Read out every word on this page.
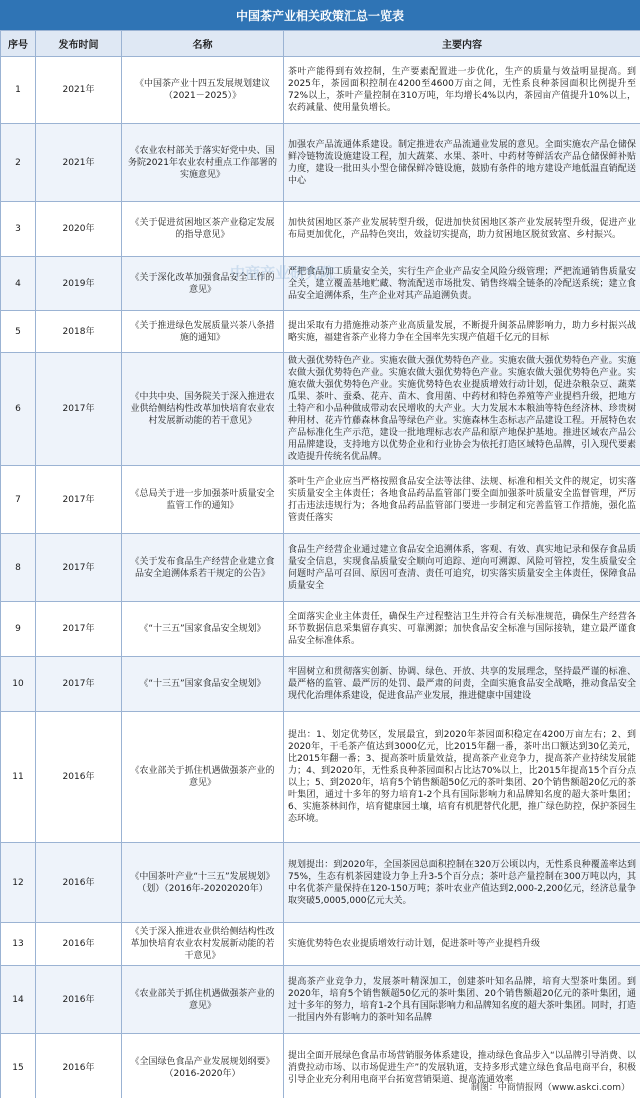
中国茶产业相关政策汇总一览表
序号	发布时间	名称	主要内容
1	2021年	《中国茶产业十四五发展规划建议（2021－2025）》	茶叶产能得到有效控制，生产要素配置进一步优化，生产的质量与效益明显提高。到2025年，茶园面积控制在4200至4600万亩之间，无性系良种茶园面积比例提升至72%以上，茶叶产量控制在310万吨，年均增长4%以内，茶园亩产值提升10%以上，农药减量、使用量负增长。
2	2021年	《农业农村部关于落实好党中央、国务院2021年农业农村重点工作部署的实施意见》	加强农产品流通体系建设。制定推进农产品流通业发展的意见。全面实施农产品仓储保鲜冷链物流设施建设工程，加大蔬菜、水果、茶叶、中药材等鲜活农产品仓储保鲜补贴力度，建设一批田头小型仓储保鲜冷链设施，鼓励有条件的地方建设产地低温直销配送中心
3	2020年	《关于促进贫困地区茶产业稳定发展的指导意见》	加快贫困地区茶产业发展转型升级，促进加快贫困地区茶产业发展转型升级，促进产业布局更加优化，产品特色突出，效益切实提高，助力贫困地区脱贫致富、乡村振兴。
4	2019年	《关于深化改革加强食品安全工作的意见》	严把食品加工质量安全关，实行生产企业产品安全风险分级管理；严把流通销售质量安全关，建立覆盖基地贮藏、物流配送市场批发、销售终端全链条的冷配送系统；建立食品安全追溯体系，生产企业对其产品追溯负责。
5	2018年	《关于推进绿色发展质量兴茶八条措施的通知》	提出采取有力措施推动茶产业高质量发展，不断提升闽茶品牌影响力，助力乡村振兴战略实施，福建省茶产业将力争在全国率先实现产值超千亿元的目标
6	2017年	《中共中央、国务院关于深入推进农业供给侧结构性改革加快培育农业农村发展新动能的若干意见》	做大强优势特色产业。实施农做大强优势特色产业。实施农做大强优势特色产业。实施农做大强优势特色产业。实施农做大强优势特色产业。实施农做大强优势特色产业。实施农做大强优势特色产业。实施优势特色农业提质增效行动计划，促进杂粮杂豆、蔬菜瓜果、茶叶、蚕桑、花卉、苗木、食用菌、中药材和特色养殖等产业提档升级，把地方土特产和小品种做成带动农民增收的大产业。大力发展木本粮油等特色经济林、珍贵树种用材、花卉竹藤森林食品等绿色产业。实施森林生态标志产品建设工程。开展特色农产品标准化生产示范，建设一批地理标志农产品和原产地保护基地。推进区域农产品公用品牌建设，支持地方以优势企业和行业协会为依托打造区域特色品牌，引入现代要素改造提升传统名优品牌。
7	2017年	《总局关于进一步加强茶叶质量安全监管工作的通知》	茶叶生产企业应当严格按照食品安全法等法律、法规、标准和相关文件的规定，切实落实质量安全主体责任；各地食品药品监管部门要全面加强茶叶质量安全监督管理，严厉打击违法违规行为；各地食品药品监管部门要进一步制定和完善监管工作措施，强化监管责任落实
8	2017年	《关于发布食品生产经营企业建立食品安全追溯体系若干规定的公告》	食品生产经营企业通过建立食品安全追溯体系，客观、有效、真实地记录和保存食品质量安全信息，实现食品质量安全顺向可追踪、逆向可溯源、风险可管控，发生质量安全问题时产品可召回、原因可查清、责任可追究，切实落实质量安全主体责任，保障食品质量安全
9	2017年	《“十三五”国家食品安全规划》	全面落实企业主体责任，确保生产过程整洁卫生并符合有关标准规范，确保生产经营各环节数据信息采集留存真实、可靠溯源；加快食品安全标准与国际接轨，建立最严谨食品安全标准体系。
10	2017年	《“十三五”国家食品安全规划》	牢固树立和贯彻落实创新、协调、绿色、开放、共享的发展理念，坚持最严谨的标准、最严格的监管、最严厉的处罚、最严肃的问责，全面实施食品安全战略，推动食品安全现代化治理体系建设，促进食品产业发展，推进健康中国建设
11	2016年	《农业部关于抓住机遇做强茶产业的意见》	提出：1、划定优势区，发展最宜，到2020年茶园面积稳定在4200万亩左右；2、到2020年，干毛茶产值达到3000亿元，比2015年翻一番，茶叶出口额达到30亿美元，比2015年翻一番；3、提高茶叶质量效益，提高茶产业竞争力，提高茶产业持续发展能力；4、到2020年，无性系良种茶园面积占比达70%以上，比2015年提高15个百分点以上；5、到2020年，培育5个销售额超50亿元的茶叶集团、20个销售额超20亿元的茶叶集团，通过十多年的努力培育1-2个具有国际影响力和品牌知名度的超大茶叶集团；6、实施茶林间作，培育健康园土壤，培育有机肥替代化肥，推广绿色防控，保护茶园生态环境。
12	2016年	《中国茶叶产业“十三五”发展规划》（划）（2016年-20202020年）	规划提出：到2020年，全国茶园总面积控制在320万公顷以内，无性系良种覆盖率达到75%，生态有机茶园建设力争上升3-5个百分点；茶叶总产量控制在300万吨以内，其中名优茶产量保持在120-150万吨；茶叶农业产值达到2,000-2,200亿元，经济总量争取突破5,0005,000亿元大关。
13	2016年	《关于深入推进农业供给侧结构性改革加快培育农业农村发展新动能的若干意见》	实施优势特色农业提质增效行动计划，促进茶叶等产业提档升级
14	2016年	《农业部关于抓住机遇做强茶产业的意见》	提高茶产业竞争力，发展茶叶精深加工，创建茶叶知名品牌，培育大型茶叶集团。到2020年，培育5个销售额超50亿元的茶叶集团、20个销售额超20亿元的茶叶集团，通过十多年的努力，培育1-2个具有国际影响力和品牌知名度的超大茶叶集团。同时，打造一批国内外有影响力的茶叶知名品牌
15	2016年	《全国绿色食品产业发展规划纲要》（2016-2020年）	提出全面开展绿色食品市场营销服务体系建设，推动绿色食品步入“以品牌引导消费、以消费拉动市场、以市场促进生产”的发展轨道，支持多形式建立绿色食品电商平台，积极引导企业充分利用电商平台拓宽营销渠道、提高流通效率
制图：中商情报网（www.askci.com）
